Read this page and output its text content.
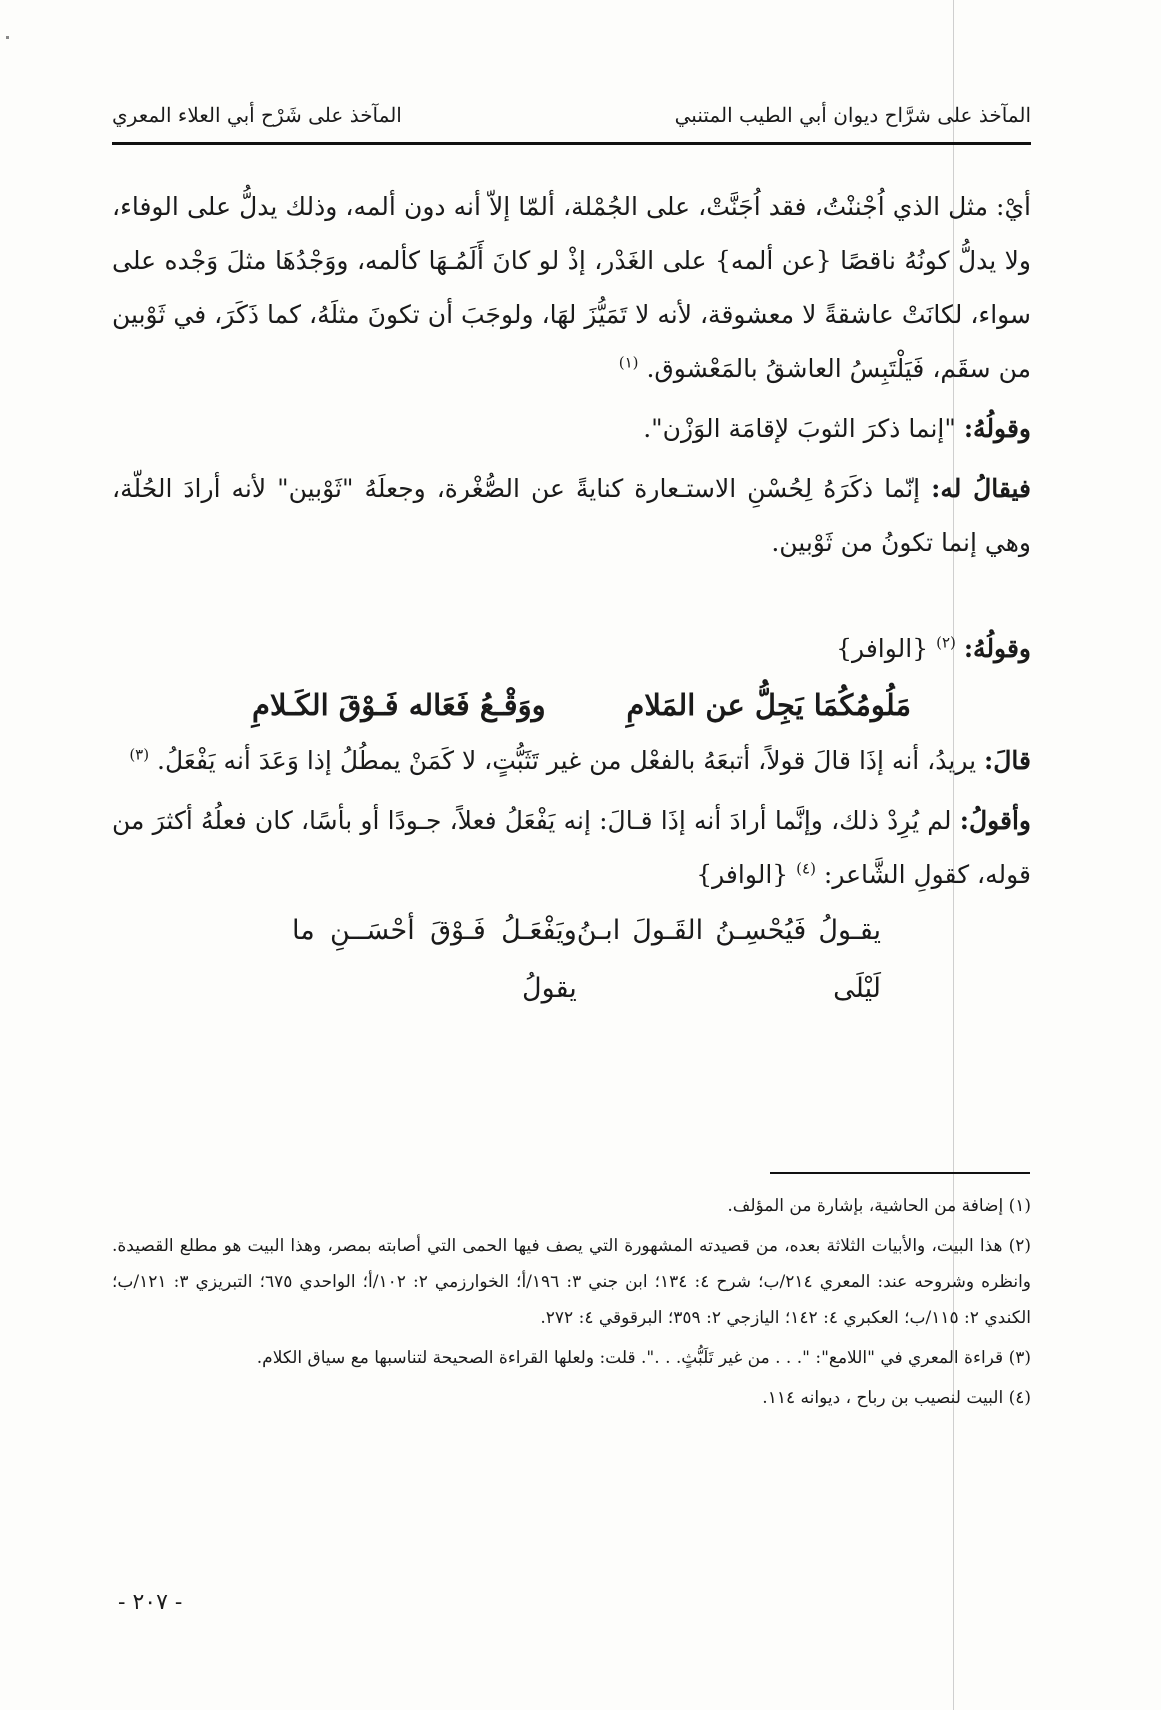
المآخذ على شرَّاح ديوان أبي الطيب المتنبي
المآخذ على شَرْح أبي العلاء المعري

أيْ: مثل الذي اُجْننْتُ، فقد اُجَنَّتْ، على الجُمْلة، ألمّا إلاّ أنه دون ألمه، وذلك يدلُّ على الوفاء، ولا يدلُّ كونُهُ ناقصًا {عن ألمه} على الغَدْر، إذْ لو كانَ أَلَمُـهَا كألمه، ووَجْدُهَا مثلَ وَجْده على سواء، لكانَتْ عاشقةً لا معشوقة، لأنه لا تَمَيُّزَ لهَا، ولوجَبَ أن تكونَ مثلَهُ، كما ذَكَرَ، في ثَوْبين من سقَم، فَيَلْتَبِسُ العاشقُ بالمَعْشوق. $^{(١)}$

وقولُهُ: "إنما ذكرَ الثوبَ لإقامَة الوَزْن".

فيقالُ له: إنّما ذكَرَهُ لِحُسْنِ الاستـعارة كنايةً عن الصُّغْرة، وجعلَهُ "ثَوْبين" لأنه أرادَ الحُلّة، وهي إنما تكونُ من ثَوْبين.

وقولُهُ: $^{(٢)}$ {الوافر}

مَلُومُكُمَا يَجِلُّ عن المَلامِ
ووَقْـعُ فَعَاله فَـوْقَ الكَـلامِ

قالَ: يريدُ، أنه إذَا قالَ قولاً، أتبعَهُ بالفعْل من غير تَثَبُّتٍ، لا كَمَنْ يمطُلُ إذا وَعَدَ أنه يَفْعَلُ. $^{(٣)}$

وأقولُ: لم يُرِدْ ذلك، وإنَّما أرادَ أنه إذَا قـالَ: إنه يَفْعَلُ فعلاً، جـودًا أو بأسًا، كان فعلُهُ أكثرَ من قوله، كقولِ الشَّاعر: $^{(٤)}$ {الوافر}

يقـولُ فَيُحْسِـنُ القَـولَ ابـنُ لَيْلَى
ويَفْعَـلُ فَـوْقَ أحْسَــنِ ما يقولُ

(١) إضافة من الحاشية، بإشارة من المؤلف.

(٢) هذا البيت، والأبيات الثلاثة بعده، من قصيدته المشهورة التي يصف فيها الحمى التي أصابته بمصر، وهذا البيت هو مطلع القصيدة. وانظره وشروحه عند: المعري ٢١٤/ب؛ شرح ٤: ١٣٤؛ ابن جني ٣: ١٩٦/أ؛ الخوارزمي ٢: ١٠٢/أ؛ الواحدي ٦٧٥؛ التبريزي ٣: ١٢١/ب؛ الكندي ٢: ١١٥/ب؛ العكبري ٤: ١٤٢؛ اليازجي ٢: ٣٥٩؛ البرقوقي ٤: ٢٧٢.

(٣) قراءة المعري في "اللامع": ". . . من غير تَلَبُّثٍ. . .". قلت: ولعلها القراءة الصحيحة لتناسبها مع سياق الكلام.

(٤) البيت لنصيب بن رباح ، ديوانه ١١٤.

- ٢٠٧ -
